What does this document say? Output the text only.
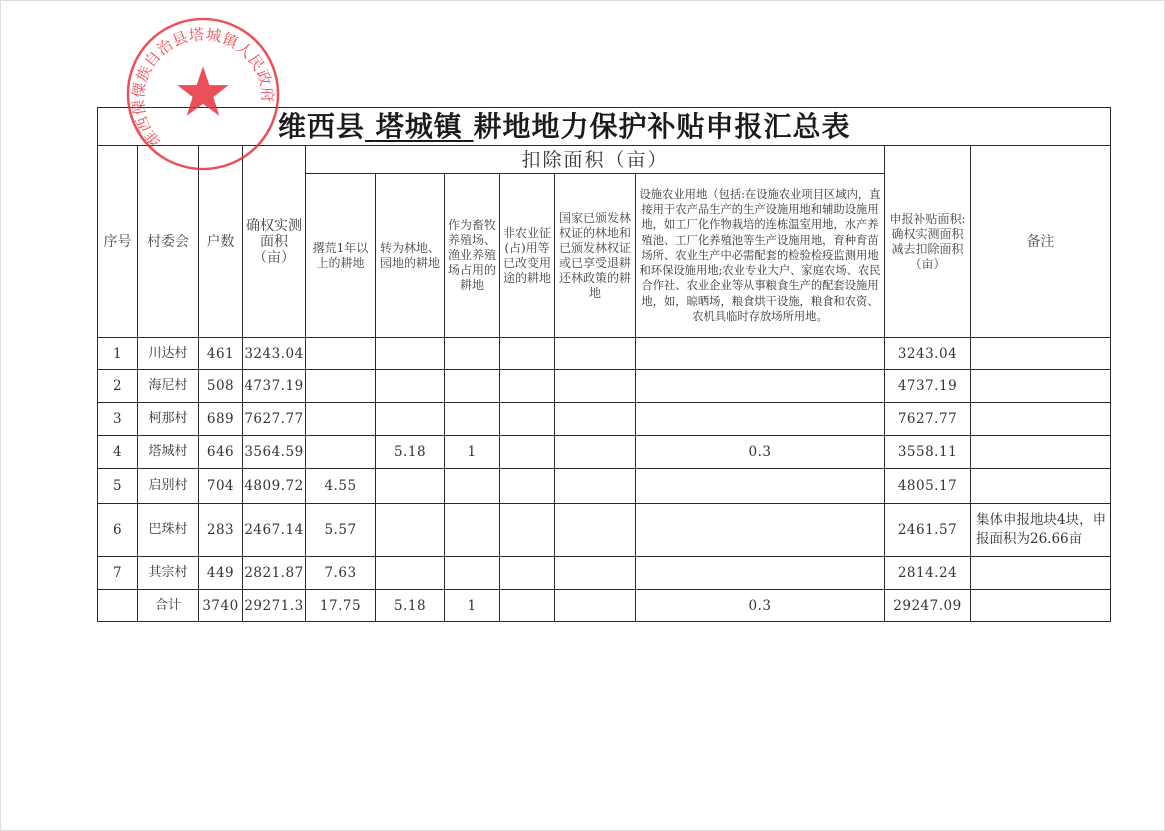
维西县 塔城镇 耕地地力保护补贴申报汇总表											
序号	村委会	户数	确权实测面积（亩）	扣除面积（亩）						申报补贴面积:确权实测面积减去扣除面积（亩）	备注
				撂荒1年以上的耕地	转为林地、园地的耕地	作为畜牧养殖场、渔业养殖场占用的耕地	非农业征(占)用等已改变用途的耕地	国家已颁发林权证的林地和已颁发林权证或已享受退耕还林政策的耕地	设施农业用地（包括:在设施农业项目区域内，直接用于农产品生产的生产设施用地和辅助设施用地，如工厂化作物栽培的连栋温室用地，水产养殖池、工厂化养殖池等生产设施用地，育种育苗场所、农业生产中必需配套的检验检疫监测用地和环保设施用地;农业专业大户、家庭农场、农民合作社、农业企业等从事粮食生产的配套设施用地，如，晾晒场，粮食烘干设施，粮食和农资、农机具临时存放场所用地。		
1	川达村	461	3243.04							3243.04	
2	海尼村	508	4737.19							4737.19	
3	柯那村	689	7627.77							7627.77	
4	塔城村	646	3564.59		5.18	1			0.3	3558.11	
5	启别村	704	4809.72	4.55						4805.17	
6	巴珠村	283	2467.14	5.57						2461.57	集体申报地块4块，申报面积为26.66亩
7	其宗村	449	2821.87	7.63						2814.24	
	合计	3740	29271.3	17.75	5.18	1			0.3	29247.09	
维西傈僳族自治县塔城镇人民政府
